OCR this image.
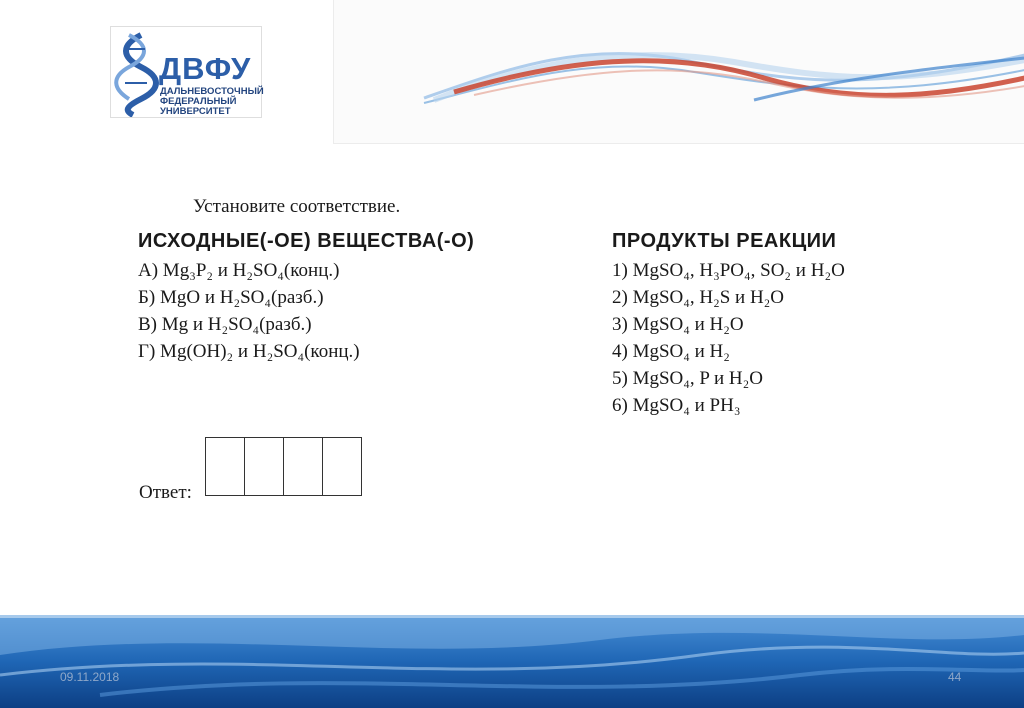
ДВФУ
ДАЛЬНЕВОСТОЧНЫЙ
ФЕДЕРАЛЬНЫЙ
УНИВЕРСИТЕТ
Установите соответствие.
ИСХОДНЫЕ(-ОЕ) ВЕЩЕСТВА(-О)	ПРОДУКТЫ РЕАКЦИИ
А) Mg₃P₂ и H₂SO₄(конц.)
Б) MgO и H₂SO₄(разб.)
В) Mg и H₂SO₄(разб.)
Г) Mg(OH)₂ и H₂SO₄(конц.)
1) MgSO₄, H₃PO₄, SO₂ и H₂O
2) MgSO₄, H₂S и H₂O
3) MgSO₄ и H₂O
4) MgSO₄ и H₂
5) MgSO₄, P и H₂O
6) MgSO₄ и PH₃
Ответ:
09.11.2018	44
